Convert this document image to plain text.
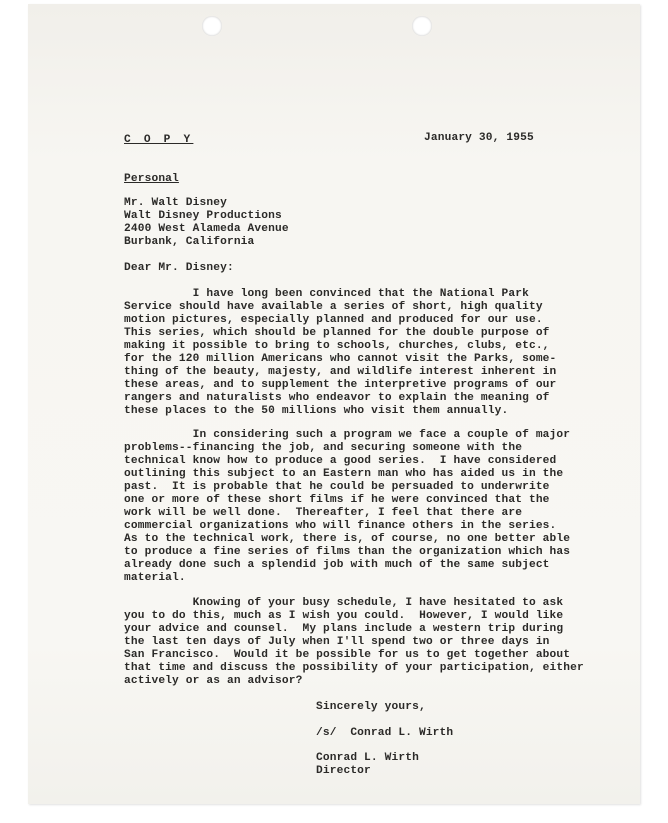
C O P Y	January 30, 1955
Personal
Mr. Walt Disney
Walt Disney Productions
2400 West Alameda Avenue
Burbank, California
Dear Mr. Disney:
I have long been convinced that the National Park
Service should have available a series of short, high quality
motion pictures, especially planned and produced for our use.
This series, which should be planned for the double purpose of
making it possible to bring to schools, churches, clubs, etc.,
for the 120 million Americans who cannot visit the Parks, some-
thing of the beauty, majesty, and wildlife interest inherent in
these areas, and to supplement the interpretive programs of our
rangers and naturalists who endeavor to explain the meaning of
these places to the 50 millions who visit them annually.
In considering such a program we face a couple of major
problems--financing the job, and securing someone with the
technical know how to produce a good series.  I have considered
outlining this subject to an Eastern man who has aided us in the
past.  It is probable that he could be persuaded to underwrite
one or more of these short films if he were convinced that the
work will be well done.  Thereafter, I feel that there are
commercial organizations who will finance others in the series.
As to the technical work, there is, of course, no one better able
to produce a fine series of films than the organization which has
already done such a splendid job with much of the same subject
material.
Knowing of your busy schedule, I have hesitated to ask
you to do this, much as I wish you could.  However, I would like
your advice and counsel.  My plans include a western trip during
the last ten days of July when I'll spend two or three days in
San Francisco.  Would it be possible for us to get together about
that time and discuss the possibility of your participation, either
actively or as an advisor?
Sincerely yours,
/s/  Conrad L. Wirth
Conrad L. Wirth
Director
